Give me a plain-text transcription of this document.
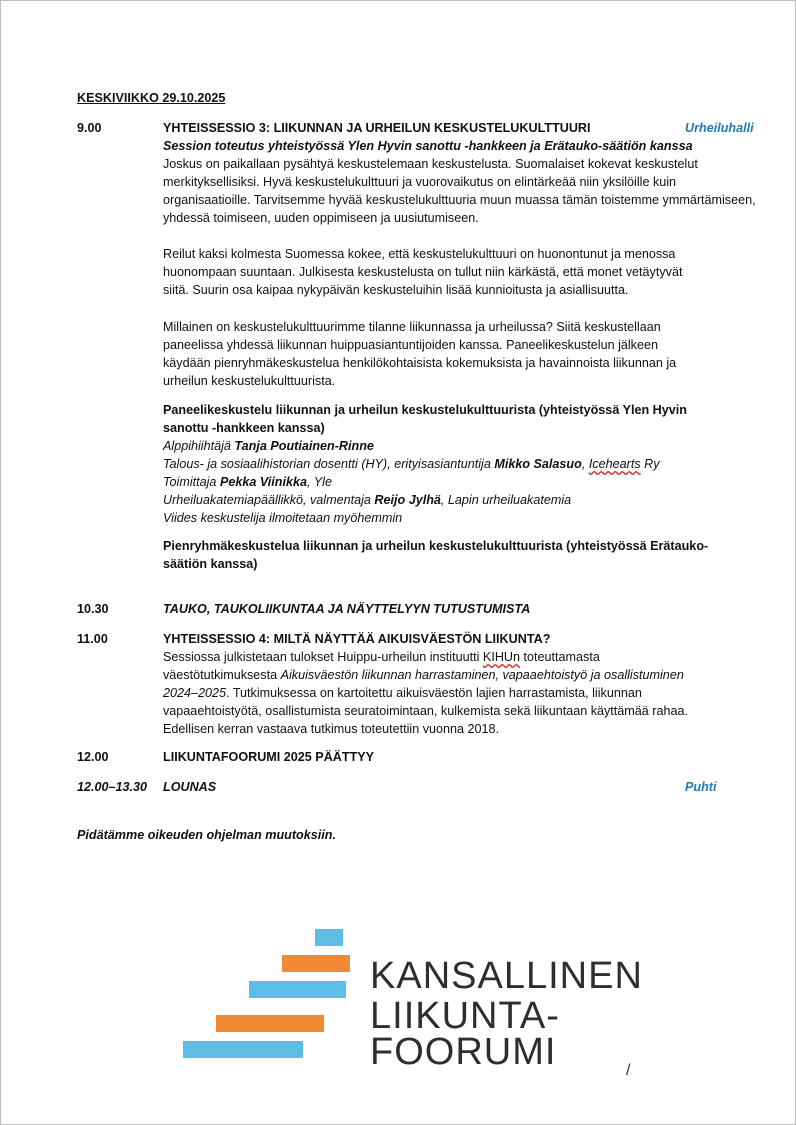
KESKIVIIKKO 29.10.2025
9.00	YHTEISSESSIO 3: LIIKUNNAN JA URHEILUN KESKUSTELUKULTTUURI	Urheiluhalli
Session toteutus yhteistyössä Ylen Hyvin sanottu -hankkeen ja Erätauko-säätiön kanssa
Joskus on paikallaan pysähtyä keskustelemaan keskustelusta. Suomalaiset kokevat keskustelut
merkityksellisiksi. Hyvä keskustelukulttuuri ja vuorovaikutus on elintärkeää niin yksilöille kuin
organisaatioille. Tarvitsemme hyvää keskustelukulttuuria muun muassa tämän toistemme ymmärtämiseen,
yhdessä toimiseen, uuden oppimiseen ja uusiutumiseen.
Reilut kaksi kolmesta Suomessa kokee, että keskustelukulttuuri on huonontunut ja menossa
huonompaan suuntaan. Julkisesta keskustelusta on tullut niin kärkästä, että monet vetäytyvät
siitä. Suurin osa kaipaa nykypäivän keskusteluihin lisää kunnioitusta ja asiallisuutta.
Millainen on keskustelukulttuurimme tilanne liikunnassa ja urheilussa? Siitä keskustellaan
paneelissa yhdessä liikunnan huippuasiantuntijoiden kanssa. Paneelikeskustelun jälkeen
käydään pienryhmäkeskustelua henkilökohtaisista kokemuksista ja havainnoista liikunnan ja
urheilun keskustelukulttuurista.
Paneelikeskustelu liikunnan ja urheilun keskustelukulttuurista (yhteistyössä Ylen Hyvin
sanottu -hankkeen kanssa)
Alppihiihtäjä Tanja Poutiainen-Rinne
Talous- ja sosiaalihistorian dosentti (HY), erityisasiantuntija Mikko Salasuo, Icehearts Ry
Toimittaja Pekka Viinikka, Yle
Urheiluakatemiapäällikkö, valmentaja Reijo Jylhä, Lapin urheiluakatemia
Viides keskustelija ilmoitetaan myöhemmin
Pienryhmäkeskustelua liikunnan ja urheilun keskustelukulttuurista (yhteistyössä Erätauko-
säätiön kanssa)
10.30	TAUKO, TAUKOLIIKUNTAA JA NÄYTTELYYN TUTUSTUMISTA
11.00	YHTEISSESSIO 4: MILTÄ NÄYTTÄÄ AIKUISVÄESTÖN LIIKUNTA?
Sessiossa julkistetaan tulokset Huippu-urheilun instituutti KIHUn toteuttamasta
väestötutkimuksesta Aikuisväestön liikunnan harrastaminen, vapaaehtoistyö ja osallistuminen
2024–2025. Tutkimuksessa on kartoitettu aikuisväestön lajien harrastamista, liikunnan
vapaaehtoistyötä, osallistumista seuratoimintaan, kulkemista sekä liikuntaan käyttämää rahaa.
Edellisen kerran vastaava tutkimus toteutettiin vuonna 2018.
12.00	LIIKUNTAFOORUMI 2025 PÄÄTTYY
12.00–13.30 LOUNAS	Puhti
Pidätämme oikeuden ohjelman muutoksiin.
KANSALLINEN
LIIKUNTA-
FOORUMI	/
